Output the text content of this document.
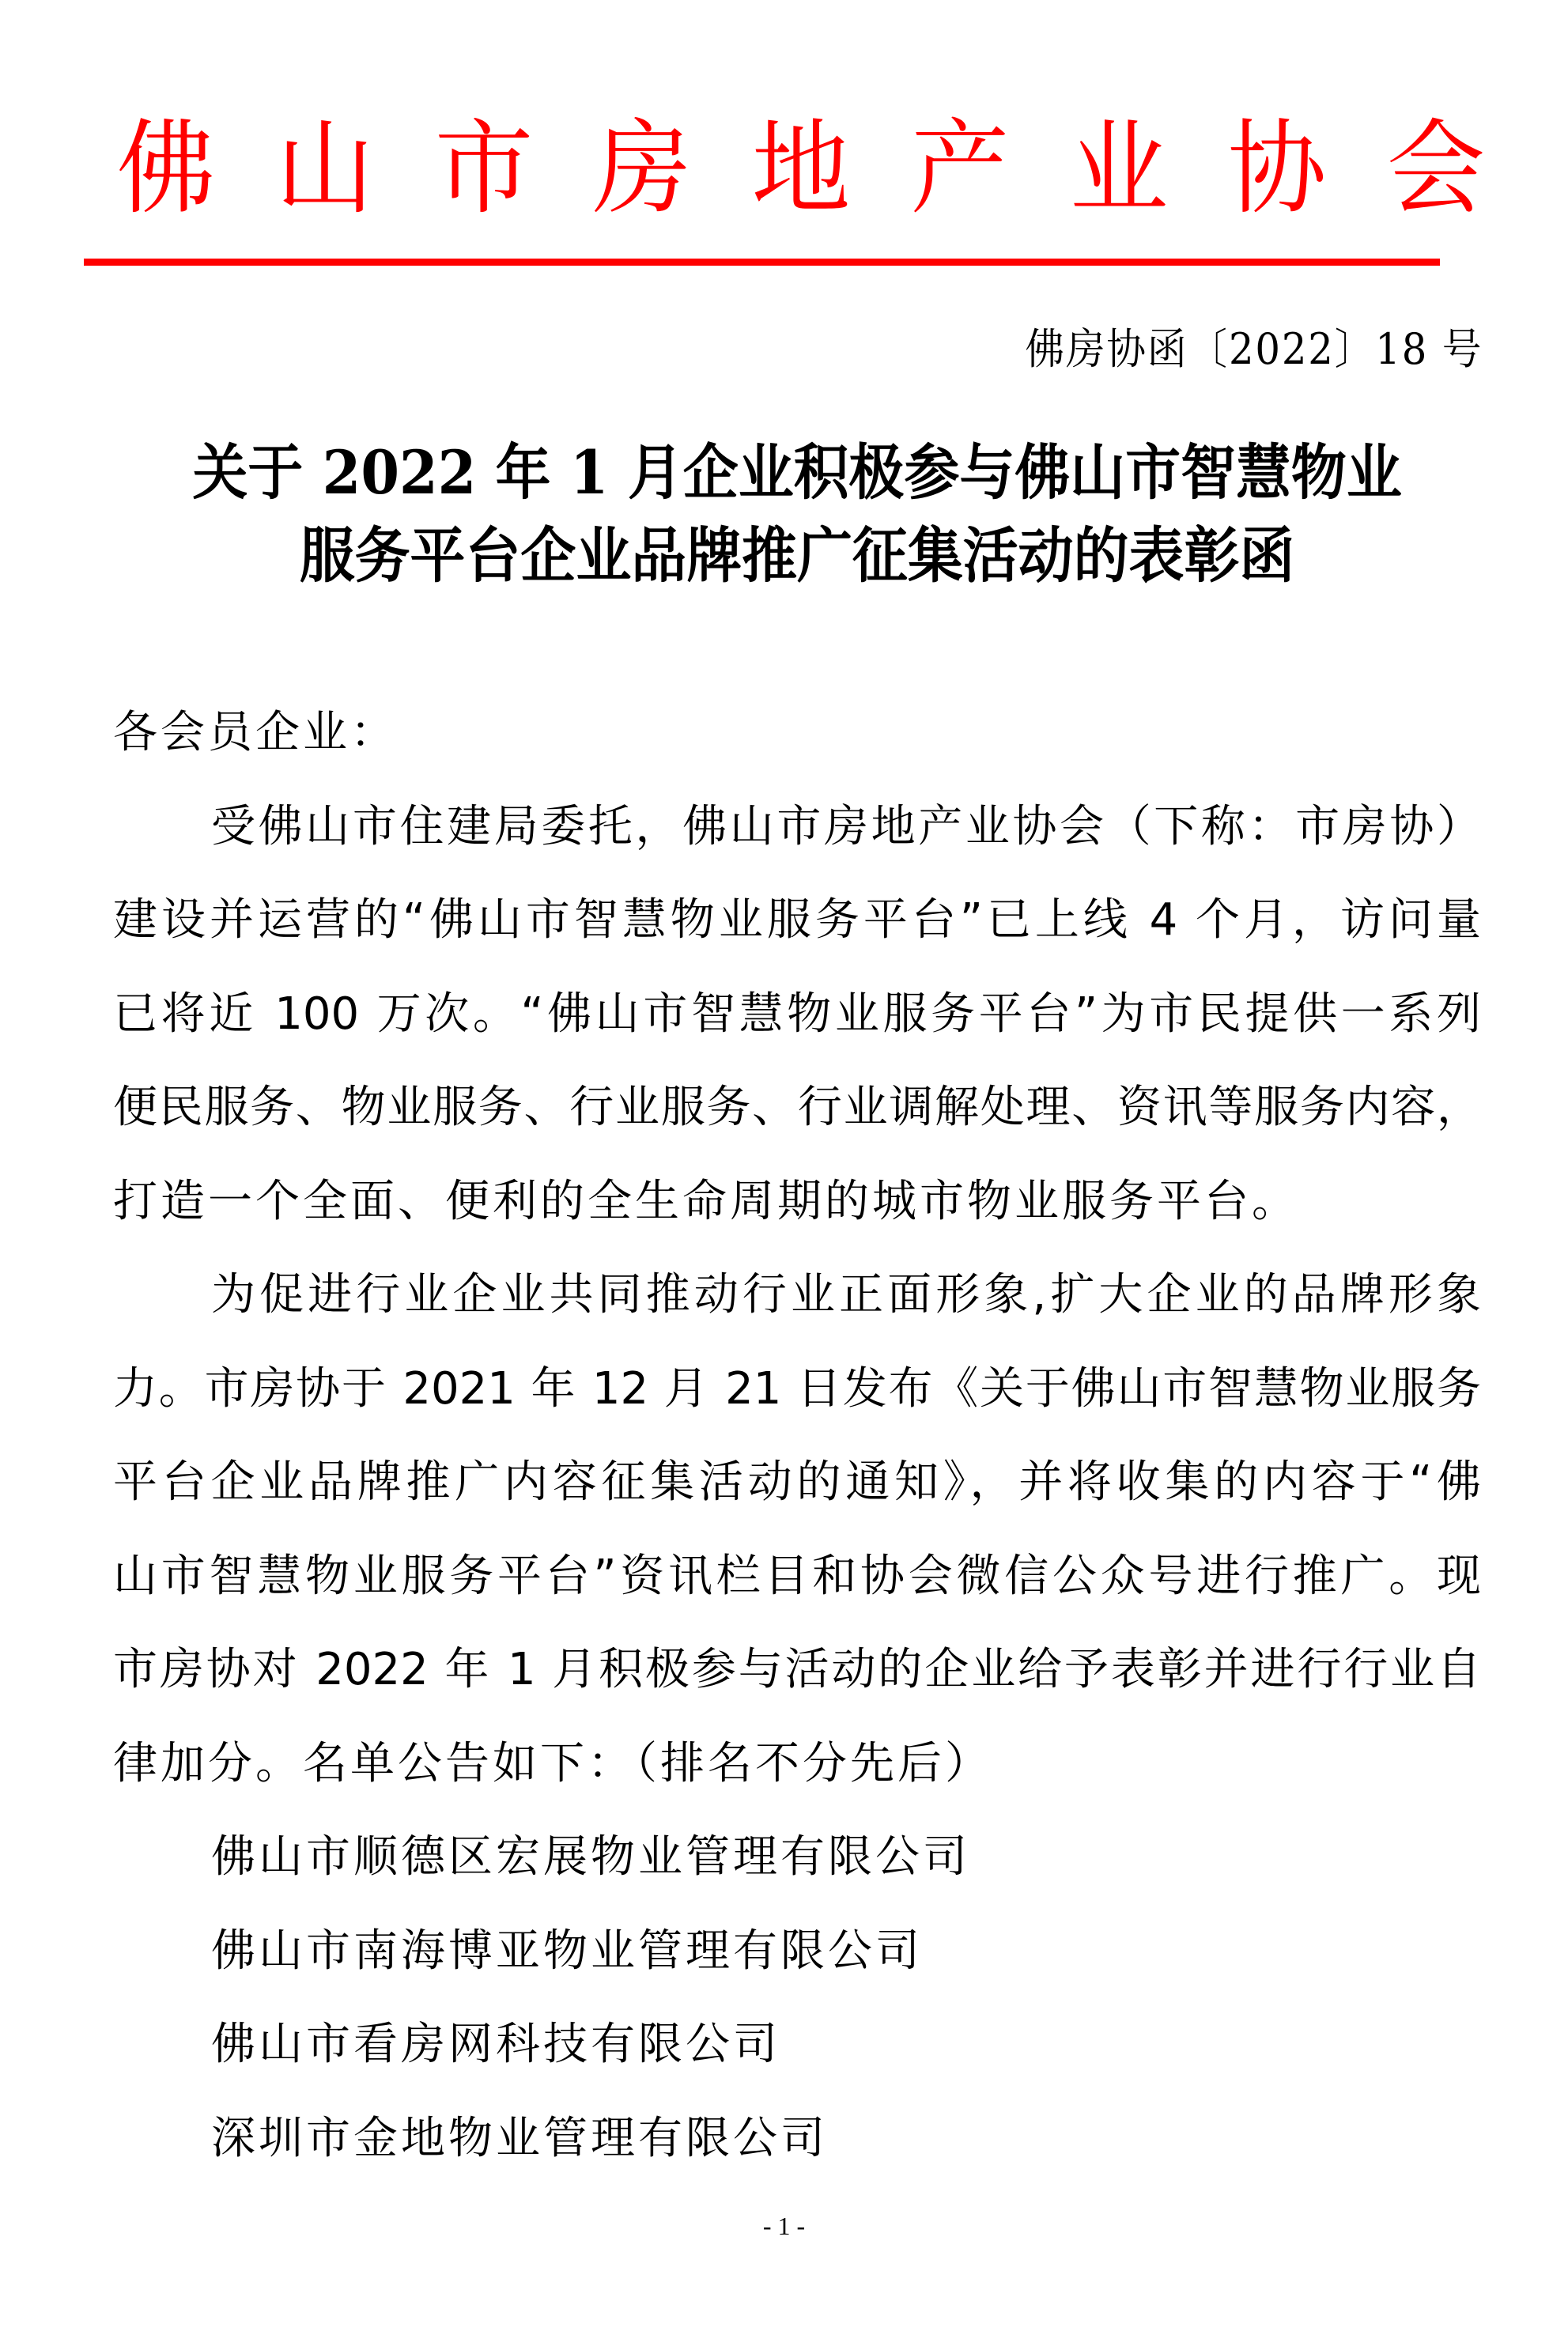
佛 山 市 房 地 产 业 协 会
佛房协函〔2022〕18 号
关于 2022 年 1 月企业积极参与佛山市智慧物业
服务平台企业品牌推广征集活动的表彰函
各会员企业：
受佛山市住建局委托，佛山市房地产业协会（下称：市房协）
建设并运营的“佛山市智慧物业服务平台”已上线 4 个月，访问量
已将近 100 万次。“佛山市智慧物业服务平台”为市民提供一系列
便民服务、物业服务、行业服务、行业调解处理、资讯等服务内容，
打造一个全面、便利的全生命周期的城市物业服务平台。
为促进行业企业共同推动行业正面形象,扩大企业的品牌形象
力。市房协于 2021 年 12 月 21 日发布《关于佛山市智慧物业服务
平台企业品牌推广内容征集活动的通知》，并将收集的内容于“佛
山市智慧物业服务平台”资讯栏目和协会微信公众号进行推广。现
市房协对 2022 年 1 月积极参与活动的企业给予表彰并进行行业自
律加分。名单公告如下：（排名不分先后）
佛山市顺德区宏展物业管理有限公司
佛山市南海博亚物业管理有限公司
佛山市看房网科技有限公司
深圳市金地物业管理有限公司
- 1 -
